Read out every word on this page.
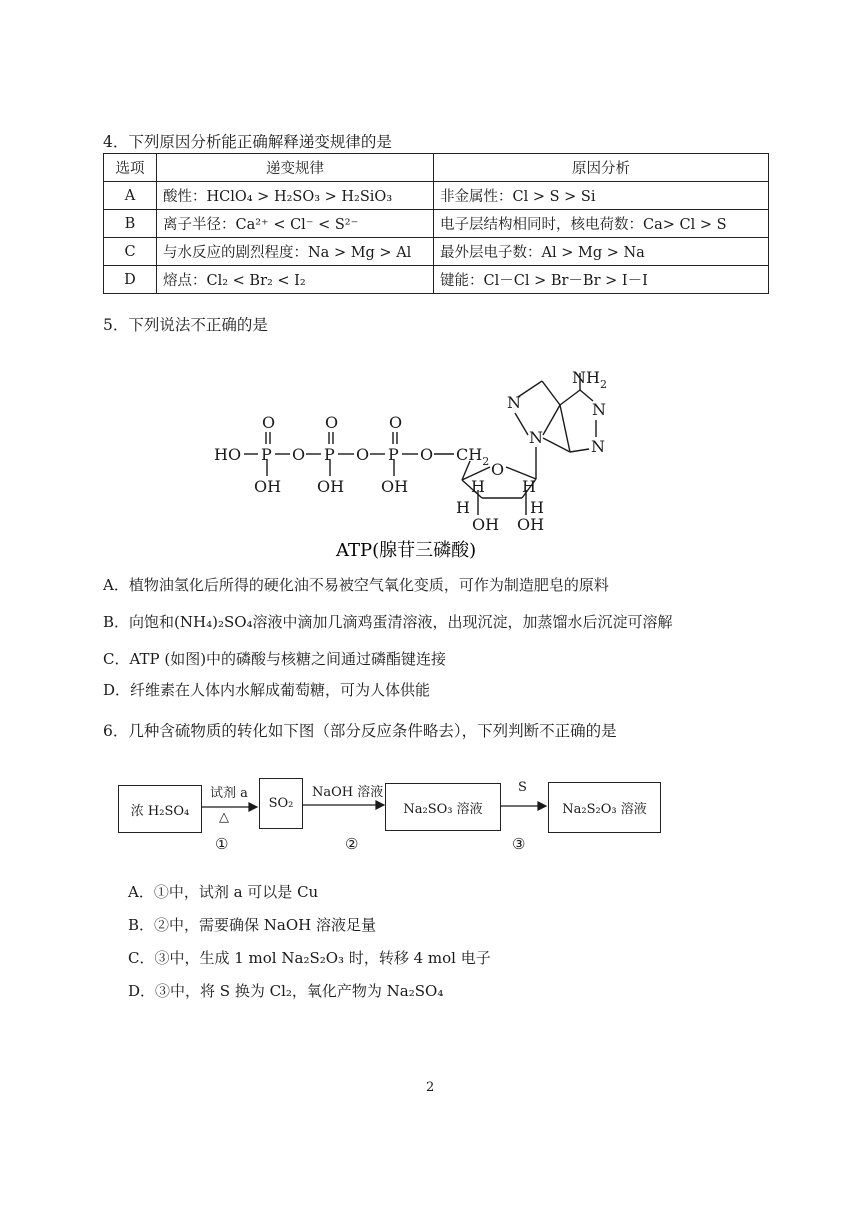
4．下列原因分析能正确解释递变规律的是
选项	递变规律	原因分析
A	酸性：HClO₄ > H₂SO₃ > H₂SiO₃	非金属性：Cl > S > Si
B	离子半径：Ca²⁺ < Cl⁻ < S²⁻	电子层结构相同时，核电荷数：Ca> Cl > S
C	与水反应的剧烈程度：Na > Mg > Al	最外层电子数：Al > Mg > Na
D	熔点：Cl₂ < Br₂ < I₂	键能：Cl－Cl > Br－Br > I－I
5．下列说法不正确的是
HO P O P O P O $CH_2$
O	O	O
OH OH OH
O
H
H
H
H
OH OH
N
N	N
N
$NH_2$
ATP(腺苷三磷酸)
A．植物油氢化后所得的硬化油不易被空气氧化变质，可作为制造肥皂的原料
B．向饱和(NH₄)₂SO₄溶液中滴加几滴鸡蛋清溶液，出现沉淀，加蒸馏水后沉淀可溶解
C．ATP (如图)中的磷酸与核糖之间通过磷酯键连接
D．纤维素在人体内水解成葡萄糖，可为人体供能
6．几种含硫物质的转化如下图（部分反应条件略去），下列判断不正确的是
浓 H₂SO₄	SO₂	Na₂SO₃ 溶液	Na₂S₂O₃ 溶液
试剂 a
△
NaOH 溶液	S
①	②	③
A．①中，试剂 a 可以是 Cu
B．②中，需要确保 NaOH 溶液足量
C．③中，生成 1 mol Na₂S₂O₃ 时，转移 4 mol 电子
D．③中，将 S 换为 Cl₂，氧化产物为 Na₂SO₄
2
